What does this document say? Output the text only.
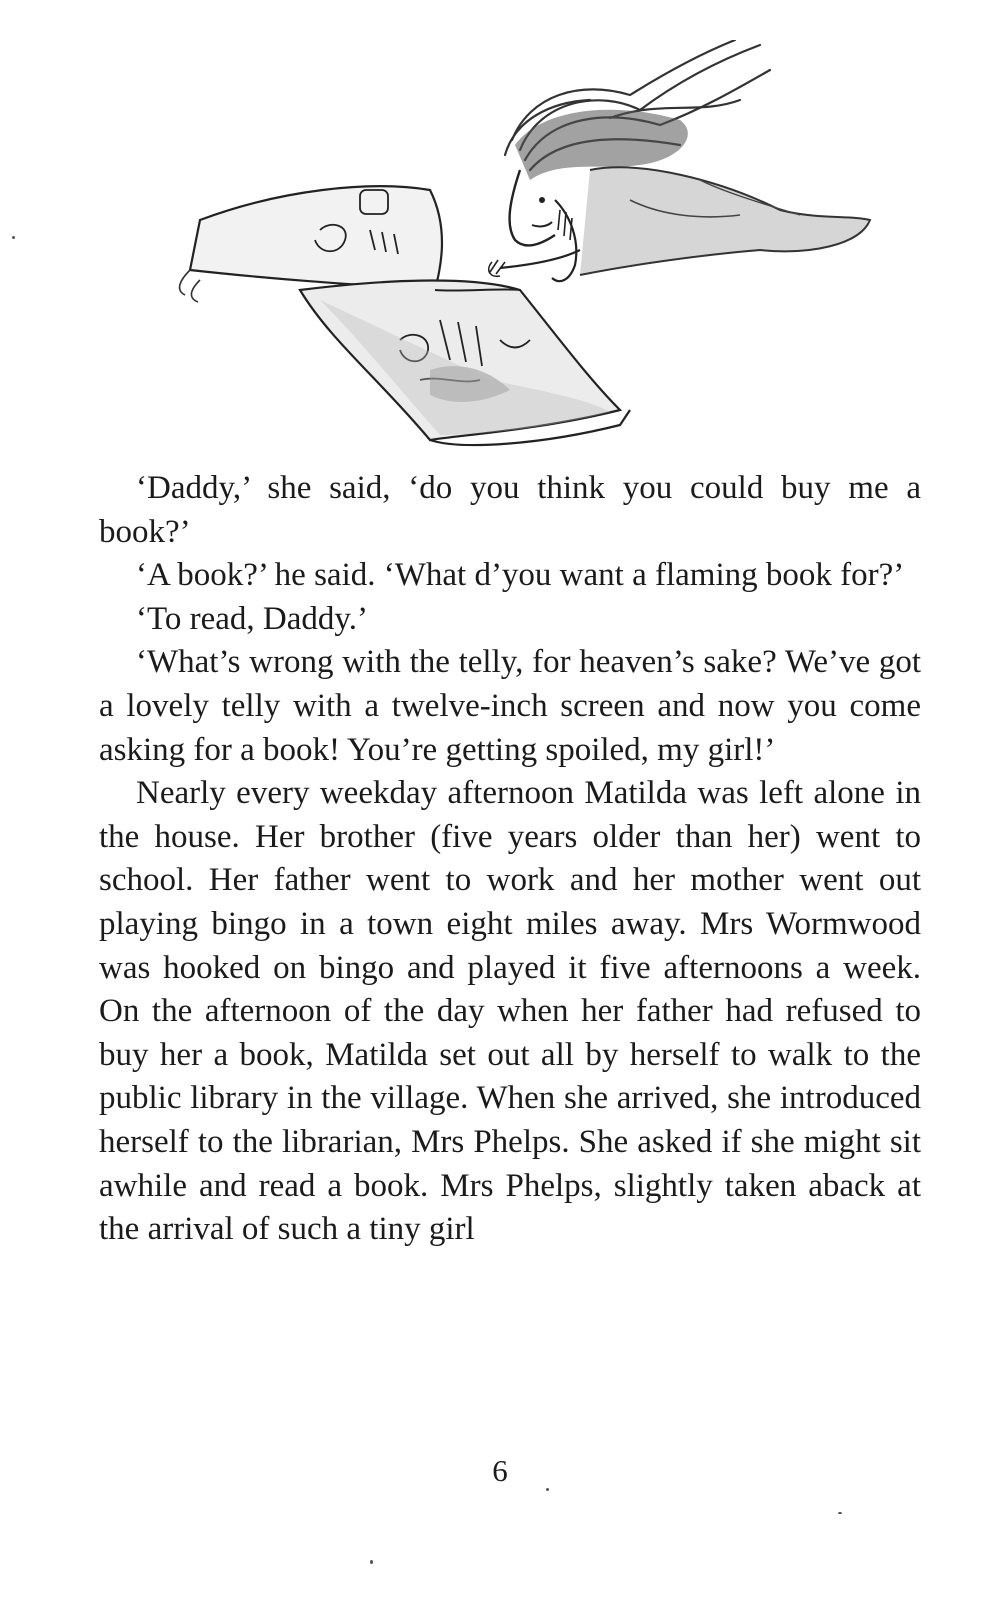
‘Daddy,’ she said, ‘do you think you could buy me a book?’

‘A book?’ he said. ‘What d’you want a flaming book for?’

‘To read, Daddy.’

‘What’s wrong with the telly, for heaven’s sake? We’ve got a lovely telly with a twelve-inch screen and now you come asking for a book! You’re getting spoiled, my girl!’

Nearly every weekday afternoon Matilda was left alone in the house. Her brother (five years older than her) went to school. Her father went to work and her mother went out playing bingo in a town eight miles away. Mrs Wormwood was hooked on bingo and played it five afternoons a week. On the afternoon of the day when her father had refused to buy her a book, Matilda set out all by herself to walk to the public library in the village. When she arrived, she introduced herself to the librarian, Mrs Phelps. She asked if she might sit awhile and read a book. Mrs Phelps, slightly taken aback at the arrival of such a tiny girl

6
